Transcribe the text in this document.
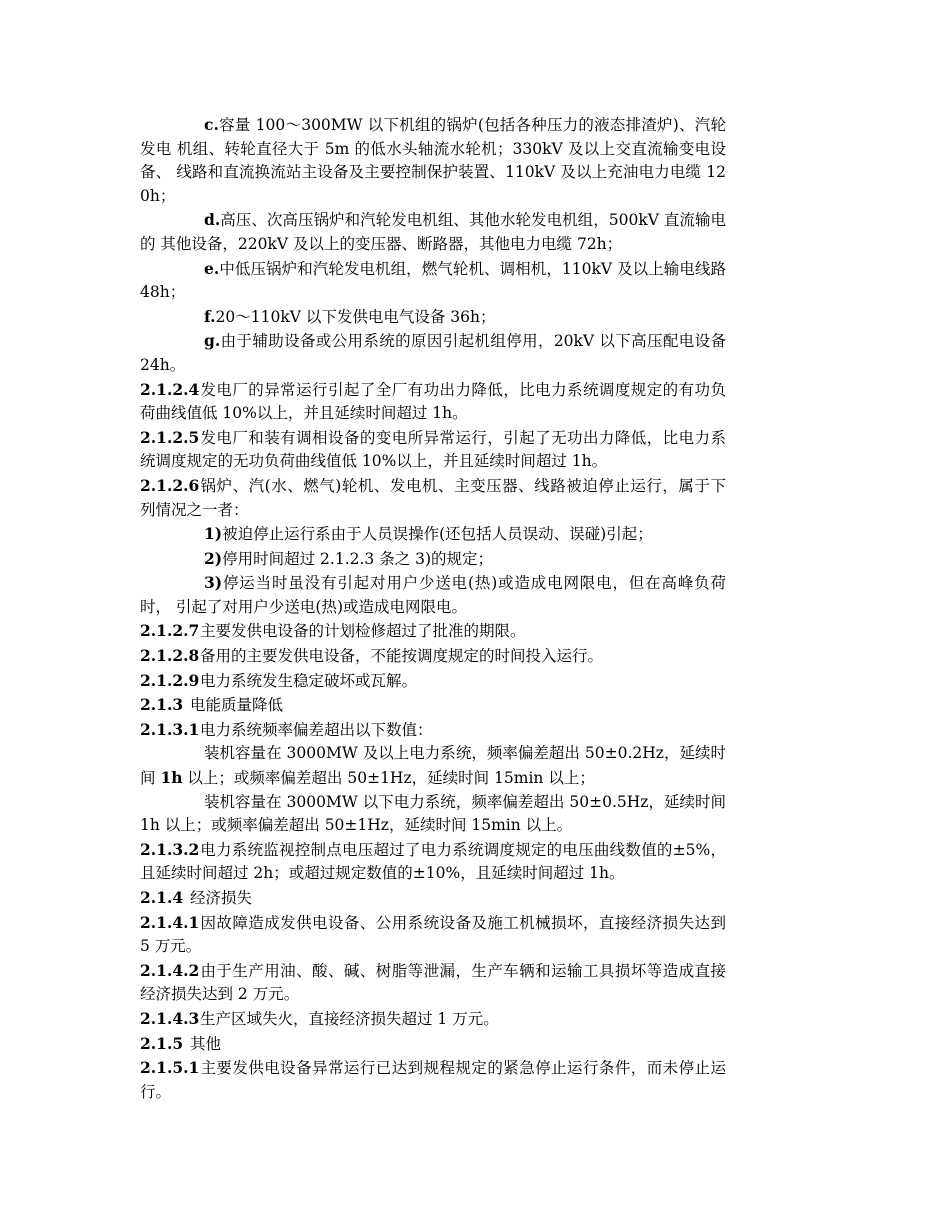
c.容量 100～300MW 以下机组的锅炉(包括各种压力的液态排渣炉)、汽轮发电 机组、转轮直径大于 5m 的低水头轴流水轮机；330kV 及以上交直流输变电设备、 线路和直流换流站主设备及主要控制保护装置、110kV 及以上充油电力电缆 120h；

d.高压、次高压锅炉和汽轮发电机组、其他水轮发电机组，500kV 直流输电的 其他设备，220kV 及以上的变压器、断路器，其他电力电缆 72h；

e.中低压锅炉和汽轮发电机组，燃气轮机、调相机，110kV 及以上输电线路 48h；

f.20～110kV 以下发供电电气设备 36h；

g.由于辅助设备或公用系统的原因引起机组停用，20kV 以下高压配电设备 24h。

2.1.2.4发电厂的异常运行引起了全厂有功出力降低，比电力系统调度规定的有功负荷曲线值低 10%以上，并且延续时间超过 1h。

2.1.2.5发电厂和装有调相设备的变电所异常运行，引起了无功出力降低，比电力系统调度规定的无功负荷曲线值低 10%以上，并且延续时间超过 1h。

2.1.2.6锅炉、汽(水、燃气)轮机、发电机、主变压器、线路被迫停止运行，属于下 列情况之一者：

1)被迫停止运行系由于人员误操作(还包括人员误动、误碰)引起；

2)停用时间超过 2.1.2.3 条之 3)的规定；

3)停运当时虽没有引起对用户少送电(热)或造成电网限电，但在高峰负荷时， 引起了对用户少送电(热)或造成电网限电。

2.1.2.7主要发供电设备的计划检修超过了批准的期限。

2.1.2.8备用的主要发供电设备，不能按调度规定的时间投入运行。

2.1.2.9电力系统发生稳定破坏或瓦解。

2.1.3 电能质量降低

2.1.3.1电力系统频率偏差超出以下数值：

装机容量在 3000MW 及以上电力系统，频率偏差超出 50±0.2Hz，延续时间 1h 以上；或频率偏差超出 50±1Hz，延续时间 15min 以上；

装机容量在 3000MW 以下电力系统，频率偏差超出 50±0.5Hz，延续时间 1h 以上；或频率偏差超出 50±1Hz，延续时间 15min 以上。

2.1.3.2电力系统监视控制点电压超过了电力系统调度规定的电压曲线数值的±5%，且延续时间超过 2h；或超过规定数值的±10%，且延续时间超过 1h。

2.1.4 经济损失

2.1.4.1因故障造成发供电设备、公用系统设备及施工机械损坏，直接经济损失达到 5 万元。

2.1.4.2由于生产用油、酸、碱、树脂等泄漏，生产车辆和运输工具损坏等造成直接经济损失达到 2 万元。

2.1.4.3生产区域失火，直接经济损失超过 1 万元。

2.1.5 其他

2.1.5.1主要发供电设备异常运行已达到规程规定的紧急停止运行条件，而未停止运行。
